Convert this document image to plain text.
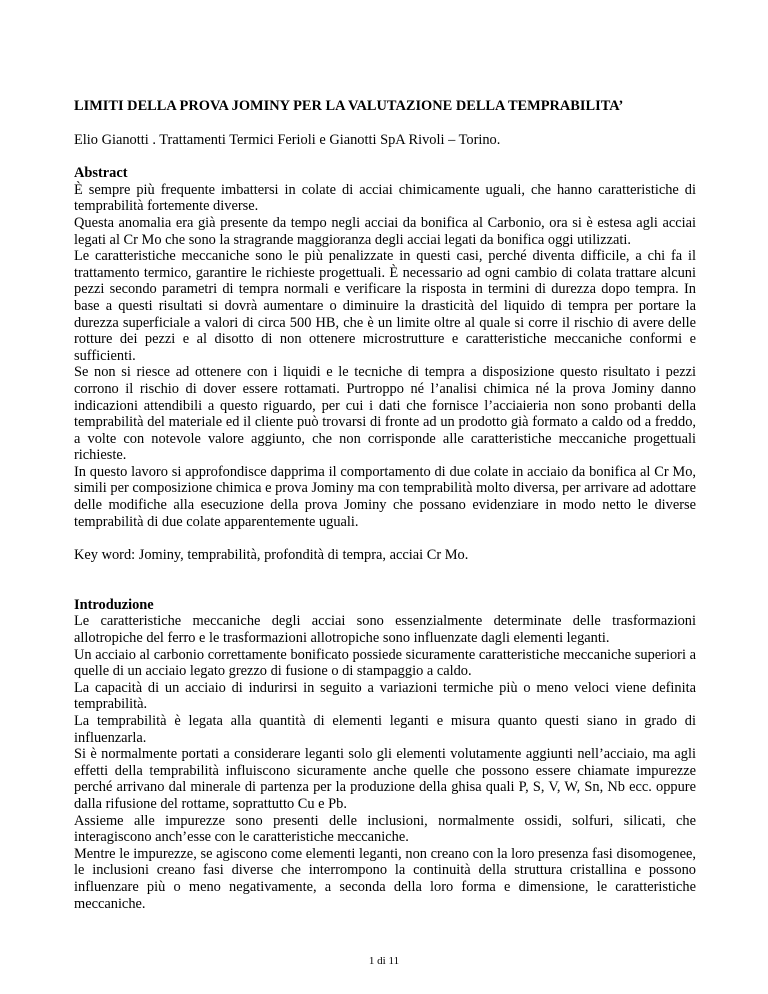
LIMITI DELLA PROVA JOMINY PER LA VALUTAZIONE DELLA TEMPRABILITA’

Elio Gianotti . Trattamenti Termici Ferioli e Gianotti SpA Rivoli – Torino.

Abstract

È sempre più frequente imbattersi in colate di acciai chimicamente uguali, che hanno caratteristiche di temprabilità fortemente diverse.

Questa anomalia era già presente da tempo negli acciai da bonifica al Carbonio, ora si è estesa agli acciai legati al Cr Mo che sono la stragrande maggioranza degli acciai legati da bonifica oggi utilizzati.

Le caratteristiche meccaniche sono le più penalizzate in questi casi, perché diventa difficile, a chi fa il trattamento termico, garantire le richieste progettuali. È necessario ad ogni cambio di colata trattare alcuni pezzi secondo parametri di tempra normali e verificare la risposta in termini di durezza dopo tempra. In base a questi risultati si dovrà aumentare o diminuire la drasticità del liquido di tempra per portare la durezza superficiale a valori di circa 500 HB, che è un limite oltre al quale si corre il rischio di avere delle rotture dei pezzi e al disotto di non ottenere microstrutture e caratteristiche meccaniche conformi e sufficienti.

Se non si riesce ad ottenere con i liquidi e le tecniche di tempra a disposizione questo risultato i pezzi corrono il rischio di dover essere rottamati. Purtroppo né l’analisi chimica né la prova Jominy danno indicazioni attendibili a questo riguardo, per cui i dati che fornisce l’acciaieria non sono probanti della temprabilità del materiale ed il cliente può trovarsi di fronte ad un prodotto già formato a caldo od a freddo, a volte con notevole valore aggiunto, che non corrisponde alle caratteristiche meccaniche progettuali richieste.

In questo lavoro si approfondisce dapprima il comportamento di due colate in acciaio da bonifica al Cr Mo, simili per composizione chimica e prova Jominy ma con temprabilità molto diversa, per arrivare ad adottare delle modifiche alla esecuzione della prova Jominy che possano evidenziare in modo netto le diverse temprabilità di due colate apparentemente uguali.

Key word: Jominy, temprabilità, profondità di tempra, acciai Cr Mo.

Introduzione

Le caratteristiche meccaniche degli acciai sono essenzialmente determinate delle trasformazioni allotropiche del ferro e le trasformazioni allotropiche sono influenzate dagli elementi leganti.

Un acciaio al carbonio correttamente bonificato possiede sicuramente caratteristiche meccaniche superiori a quelle di un acciaio legato grezzo di fusione o di stampaggio a caldo.

La capacità di un acciaio di indurirsi in seguito a variazioni termiche più o meno veloci viene definita temprabilità.

La temprabilità è legata alla quantità di elementi leganti e misura quanto questi siano in grado di influenzarla.

Si è normalmente portati a considerare leganti solo gli elementi volutamente aggiunti nell’acciaio, ma agli effetti della temprabilità influiscono sicuramente anche quelle che possono essere chiamate impurezze perché arrivano dal minerale di partenza per la produzione della ghisa quali P, S, V, W, Sn, Nb ecc. oppure dalla rifusione del rottame, soprattutto Cu e Pb.

Assieme alle impurezze sono presenti delle inclusioni, normalmente ossidi, solfuri, silicati, che interagiscono anch’esse con le caratteristiche meccaniche.

Mentre le impurezze, se agiscono come elementi leganti, non creano con la loro presenza fasi disomogenee, le inclusioni creano fasi diverse che interrompono la continuità della struttura cristallina e possono influenzare più o meno negativamente, a seconda della loro forma e dimensione, le caratteristiche meccaniche.

1 di 11
